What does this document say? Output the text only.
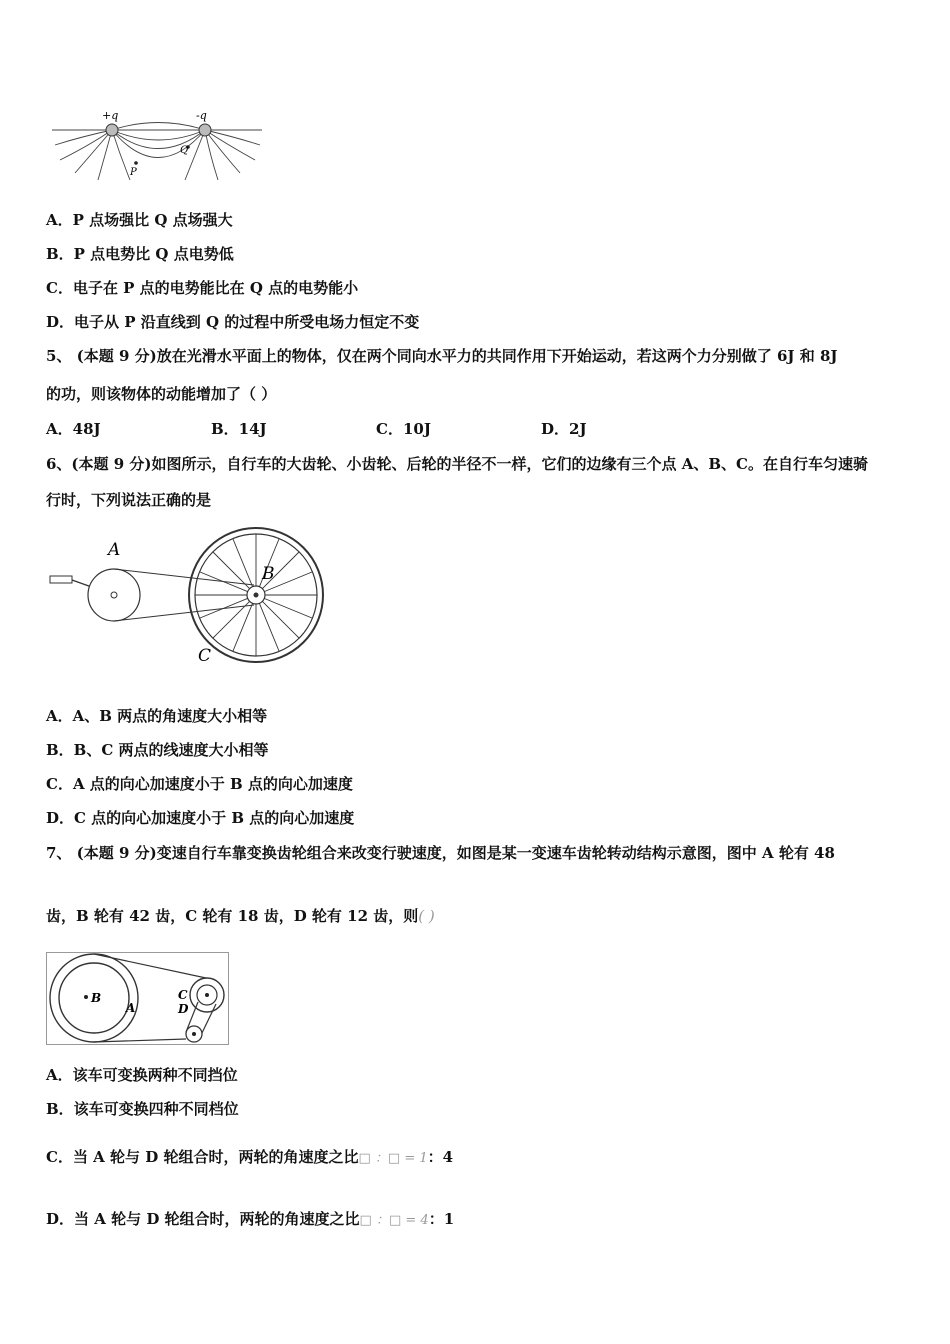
+q	-q
P
Q
A．P 点场强比 Q 点场强大
B．P 点电势比 Q 点电势低
C．电子在 P 点的电势能比在 Q 点的电势能小
D．电子从 P 沿直线到 Q 的过程中所受电场力恒定不变
5、 (本题 9 分)放在光滑水平面上的物体，仅在两个同向水平力的共同作用下开始运动，若这两个力分别做了 6J 和 8J
的功，则该物体的动能增加了（ ）
A．48J	B．14J	C．10J	D．2J
6、(本题 9 分)如图所示，自行车的大齿轮、小齿轮、后轮的半径不一样，它们的边缘有三个点 A、B、C。在自行车匀速骑
行时，下列说法正确的是
A
B
C
A．A、B 两点的角速度大小相等
B．B、C 两点的线速度大小相等
C．A 点的向心加速度小于 B 点的向心加速度
D．C 点的向心加速度小于 B 点的向心加速度
7、 (本题 9 分)变速自行车靠变换齿轮组合来改变行驶速度，如图是某一变速车齿轮转动结构示意图，图中 A 轮有 48
齿，B 轮有 42 齿，C 轮有 18 齿，D 轮有 12 齿，则( )
B
A
C
D
A．该车可变换两种不同挡位
B．该车可变换四种不同档位
C．当 A 轮与 D 轮组合时，两轮的角速度之比□ ：□ = 1：4
D．当 A 轮与 D 轮组合时，两轮的角速度之比□ ：□ = 4：1
